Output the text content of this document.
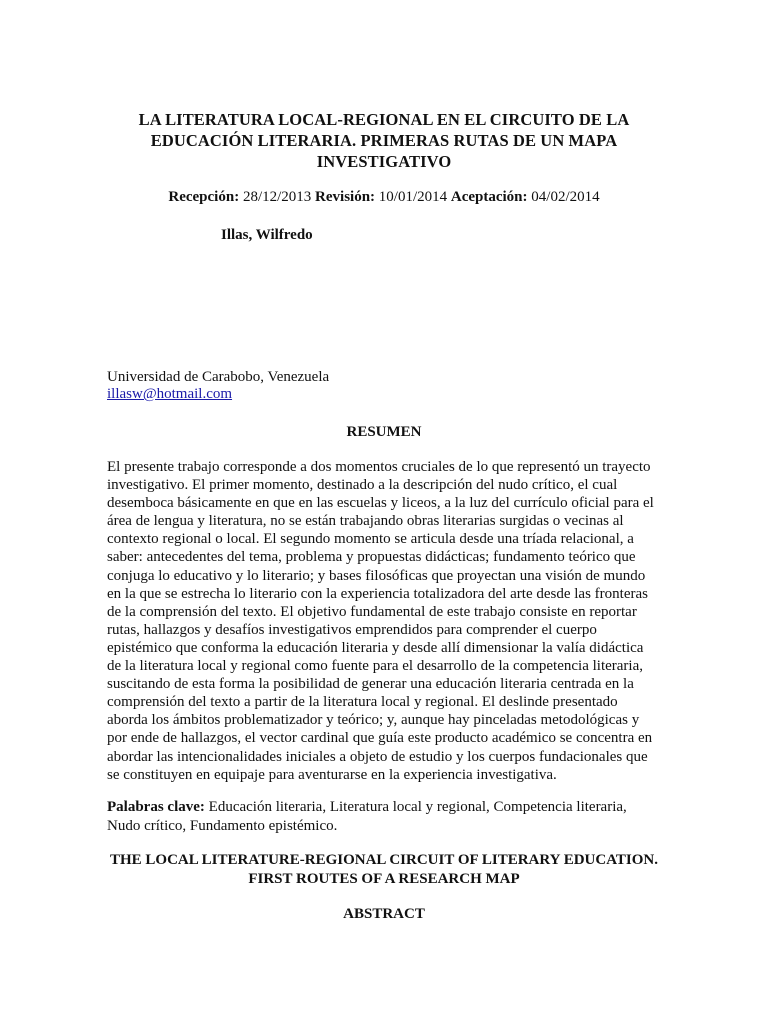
LA LITERATURA LOCAL-REGIONAL EN EL CIRCUITO DE LA EDUCACIÓN LITERARIA. PRIMERAS RUTAS DE UN MAPA INVESTIGATIVO
Recepción: 28/12/2013 Revisión: 10/01/2014 Aceptación: 04/02/2014
Illas, Wilfredo
Universidad de Carabobo, Venezuela
illasw@hotmail.com
RESUMEN
El presente trabajo corresponde a dos momentos cruciales de lo que representó un trayecto investigativo. El primer momento, destinado a la descripción del nudo crítico, el cual desemboca básicamente en que en las escuelas y liceos, a la luz del currículo oficial para el área de lengua y literatura, no se están trabajando obras literarias surgidas o vecinas al contexto regional o local. El segundo momento se articula desde una tríada relacional, a saber: antecedentes del tema, problema y propuestas didácticas; fundamento teórico que conjuga lo educativo y lo literario; y bases filosóficas que proyectan una visión de mundo en la que se estrecha lo literario con la experiencia totalizadora del arte desde las fronteras de la comprensión del texto. El objetivo fundamental de este trabajo consiste en reportar rutas, hallazgos y desafíos investigativos emprendidos para comprender el cuerpo epistémico que conforma la educación literaria y desde allí dimensionar la valía didáctica de la literatura local y regional como fuente para el desarrollo de la competencia literaria, suscitando de esta forma la posibilidad de generar una educación literaria centrada en la comprensión del texto a partir de la literatura local y regional. El deslinde presentado aborda los ámbitos problematizador y teórico; y, aunque hay pinceladas metodológicas y por ende de hallazgos, el vector cardinal que guía este producto académico se concentra en abordar las intencionalidades iniciales a objeto de estudio y los cuerpos fundacionales que se constituyen en equipaje para aventurarse en la experiencia investigativa.
Palabras clave: Educación literaria, Literatura local y regional, Competencia literaria, Nudo crítico, Fundamento epistémico.
THE LOCAL LITERATURE-REGIONAL CIRCUIT OF LITERARY EDUCATION. FIRST ROUTES OF A RESEARCH MAP
ABSTRACT
